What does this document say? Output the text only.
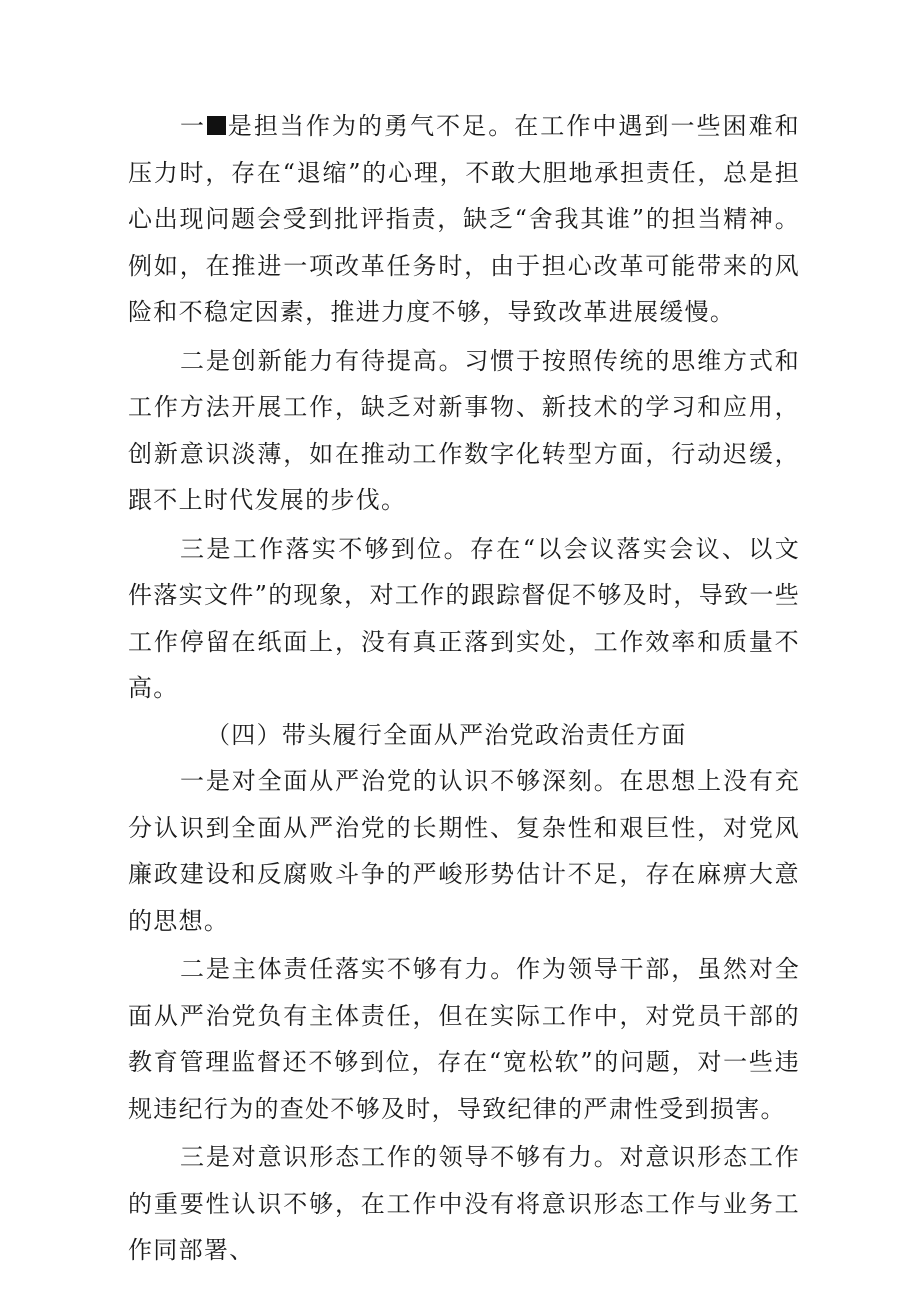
一 是担当作为的勇气不足。在工作中遇到一些困难和压力时，存在“退缩”的心理，不敢大胆地承担责任，总是担心出现问题会受到批评指责，缺乏“舍我其谁”的担当精神。例如，在推进一项改革任务时，由于担心改革可能带来的风险和不稳定因素，推进力度不够，导致改革进展缓慢。

二是创新能力有待提高。习惯于按照传统的思维方式和工作方法开展工作，缺乏对新事物、新技术的学习和应用，创新意识淡薄，如在推动工作数字化转型方面，行动迟缓，跟不上时代发展的步伐。

三是工作落实不够到位。存在“以会议落实会议、以文件落实文件”的现象，对工作的跟踪督促不够及时，导致一些工作停留在纸面上，没有真正落到实处，工作效率和质量不高。

（四）带头履行全面从严治党政治责任方面

一是对全面从严治党的认识不够深刻。在思想上没有充分认识到全面从严治党的长期性、复杂性和艰巨性，对党风廉政建设和反腐败斗争的严峻形势估计不足，存在麻痹大意的思想。

二是主体责任落实不够有力。作为领导干部，虽然对全面从严治党负有主体责任，但在实际工作中，对党员干部的教育管理监督还不够到位，存在“宽松软”的问题，对一些违规违纪行为的查处不够及时，导致纪律的严肃性受到损害。

三是对意识形态工作的领导不够有力。对意识形态工作的重要性认识不够，在工作中没有将意识形态工作与业务工作同部署、
